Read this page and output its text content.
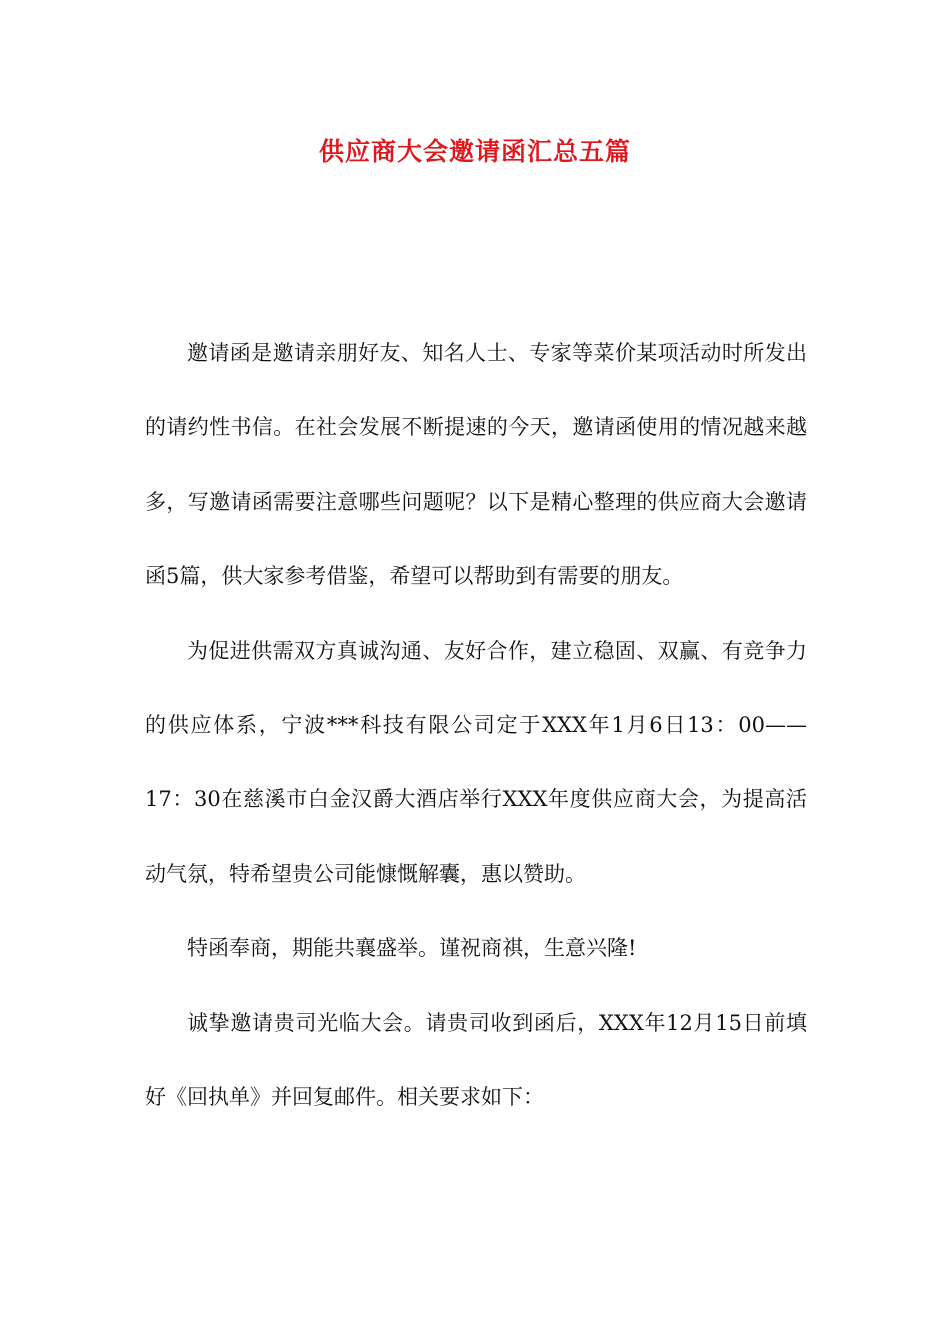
供应商大会邀请函汇总五篇

邀请函是邀请亲朋好友、知名人士、专家等菜价某项活动时所发出的请约性书信。在社会发展不断提速的今天，邀请函使用的情况越来越多，写邀请函需要注意哪些问题呢？以下是精心整理的供应商大会邀请函5篇，供大家参考借鉴，希望可以帮助到有需要的朋友。

为促进供需双方真诚沟通、友好合作，建立稳固、双赢、有竞争力的供应体系，宁波***科技有限公司定于XXX年1月6日13：00——17：30在慈溪市白金汉爵大酒店举行XXX年度供应商大会，为提高活动气氛，特希望贵公司能慷慨解囊，惠以赞助。

特函奉商，期能共襄盛举。谨祝商祺，生意兴隆!

诚挚邀请贵司光临大会。请贵司收到函后，XXX年12月15日前填好《回执单》并回复邮件。相关要求如下：
